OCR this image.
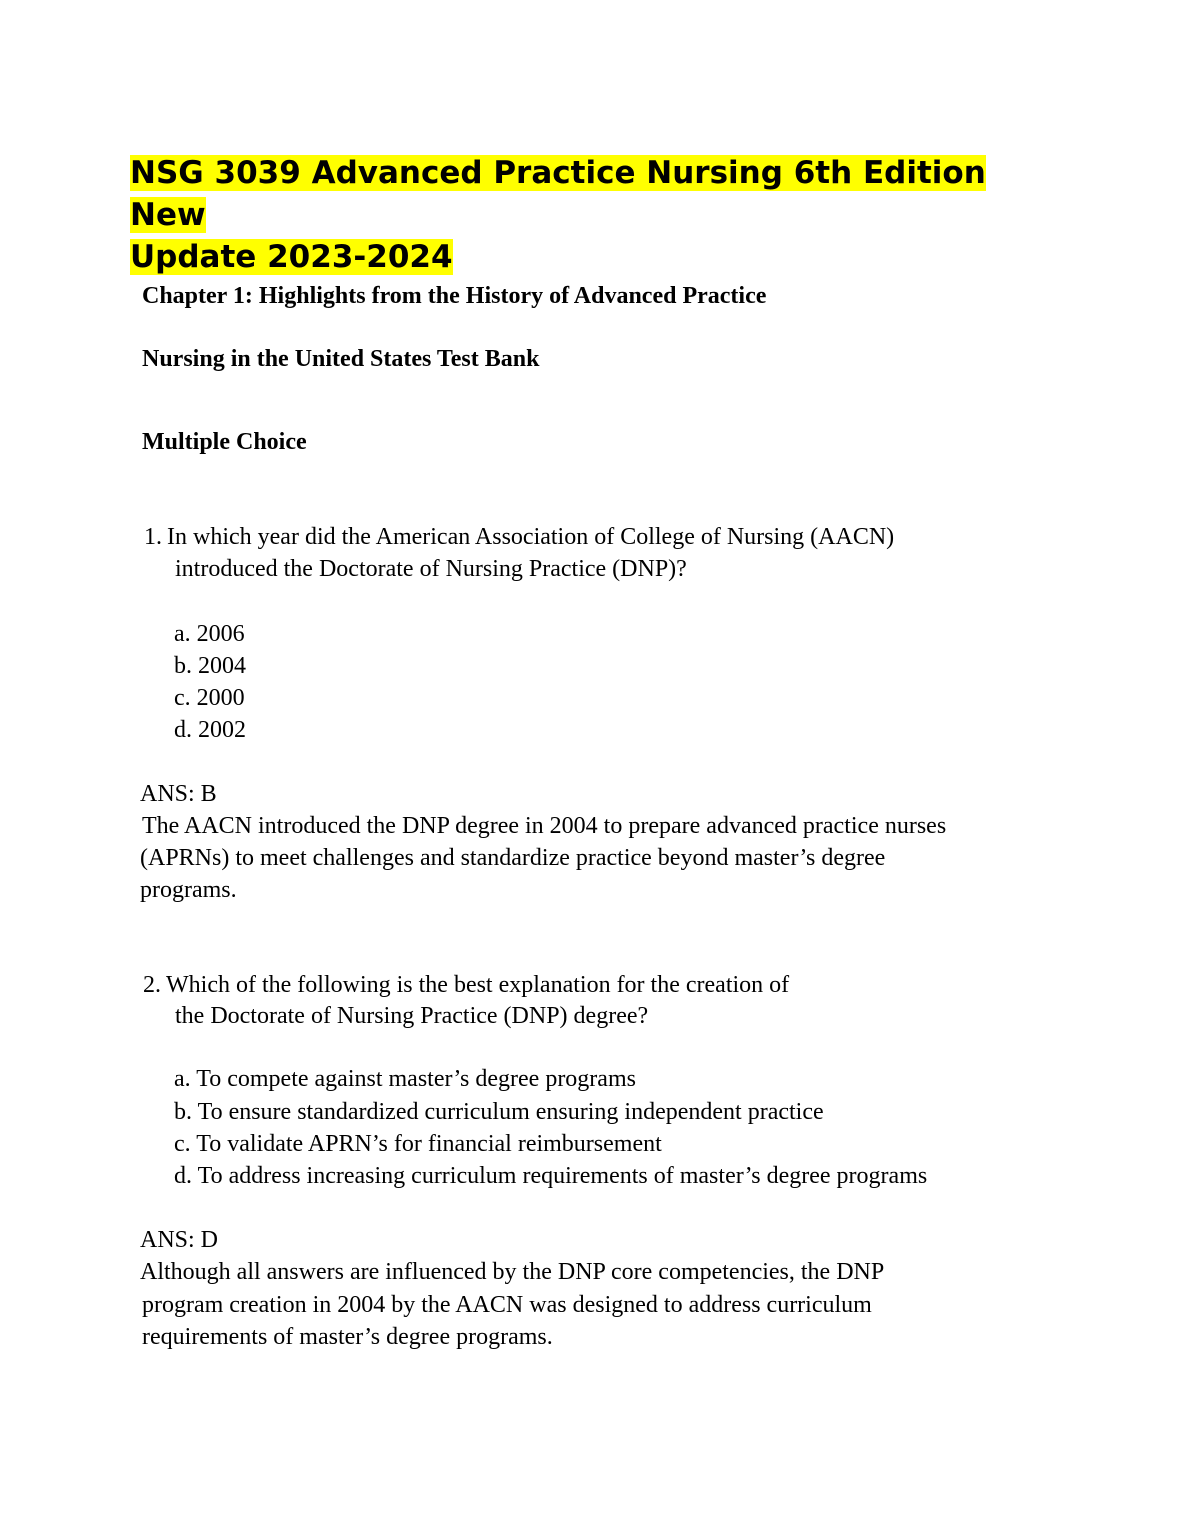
NSG 3039 Advanced Practice Nursing 6th Edition New
Update 2023-2024

Chapter 1: Highlights from the History of Advanced Practice

Nursing in the United States Test Bank

Multiple Choice

1. In which year did the American Association of College of Nursing (AACN)
introduced the Doctorate of Nursing Practice (DNP)?
a. 2006
b. 2004
c. 2000
d. 2002
ANS: B
The AACN introduced the DNP degree in 2004 to prepare advanced practice nurses
(APRNs) to meet challenges and standardize practice beyond master’s degree
programs.
2. Which of the following is the best explanation for the creation of
the Doctorate of Nursing Practice (DNP) degree?
a. To compete against master’s degree programs
b. To ensure standardized curriculum ensuring independent practice
c. To validate APRN’s for financial reimbursement
d. To address increasing curriculum requirements of master’s degree programs
ANS: D
Although all answers are influenced by the DNP core competencies, the DNP
program creation in 2004 by the AACN was designed to address curriculum
requirements of master’s degree programs.
